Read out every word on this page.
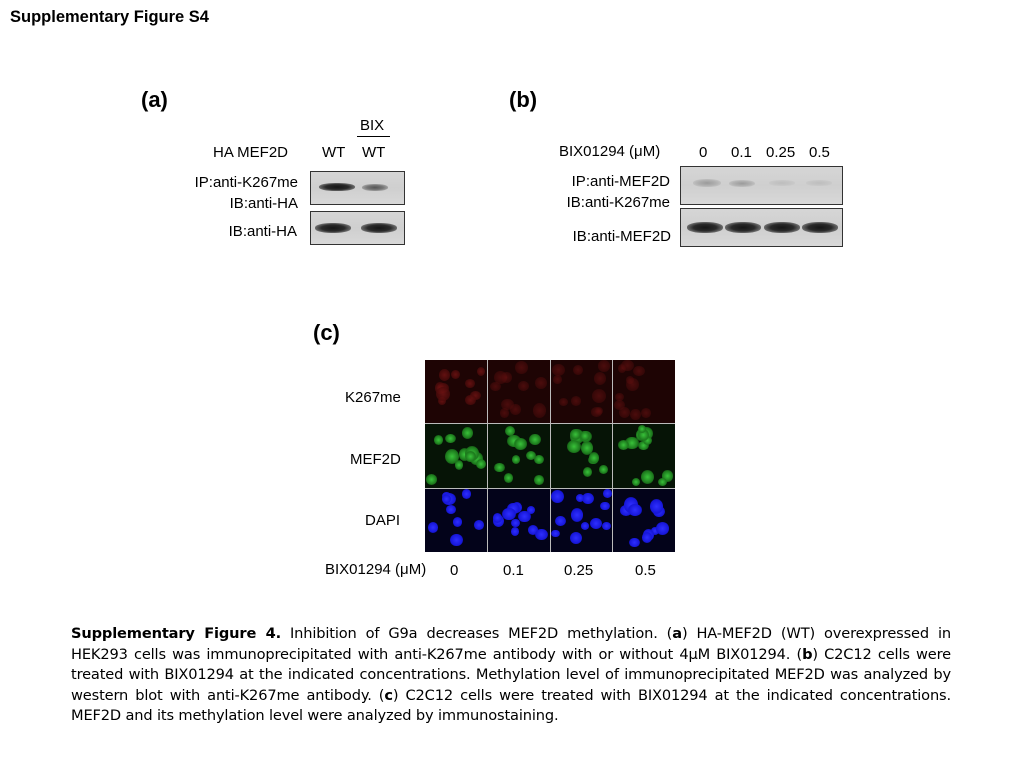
Supplementary Figure S4
(a)
BIX
HA MEF2D WT WT
IP:anti-K267me
IB:anti-HA
IB:anti-HA
(b)
BIX01294 (μM)	0 0.1 0.25 0.5
IP:anti-MEF2D
IB:anti-K267me
IB:anti-MEF2D
(c)
K267me
MEF2D
DAPI
BIX01294 (μM) 0	0.1	0.25	0.5
Supplementary Figure 4. Inhibition of G9a decreases MEF2D methylation. (a) HA-MEF2D (WT) overexpressed in HEK293 cells was immunoprecipitated with anti-K267me antibody with or without 4μM BIX01294. (b) C2C12 cells were treated with BIX01294 at the indicated concentrations. Methylation level of immunoprecipitated MEF2D was analyzed by western blot with anti-K267me antibody. (c) C2C12 cells were treated with BIX01294 at the indicated concentrations. MEF2D and its methylation level were analyzed by immunostaining.
